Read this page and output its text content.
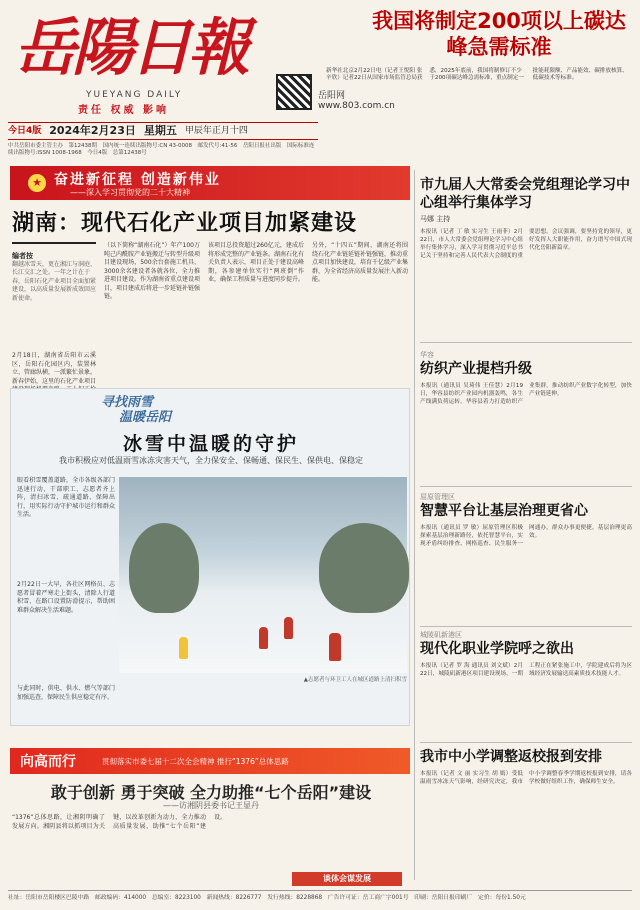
岳陽日報
YUEYANG DAILY
责任 权威 影响
岳阳网
www.803.com.cn
我国将制定200项以上碳达峰急需标准
新华社北京2月22日电（记者王悦阳 张辛欣）记者22日从国家市场监管总局获悉，2025年底前，我国将制修订不少于200项碳达峰急需标准，重点制定一批能耗限额、产品能效、碳排放核算、低碳技术等标准。
今日4版 2024年2月23日 星期五 甲辰年正月十四
中共岳阳市委主管主办　第12438期　国内统一连续出版物号:CN 43-0008　邮发代号:41-56　岳阳日报社出版　国际标准连续出版物号:ISSN 1008-1968　今日4版　总第12438号
★ 奋进新征程 创造新伟业
——深入学习贯彻党的二十大精神
湖南：现代石化产业项目加紧建设
编者按
翻越冰雪天，更在湘江与洞庭、长江交汇之处。一年之计在于春，岳阳石化产业项目全面加紧建设，以高质量发展新成效回应新使命。
2月18日，湖南省岳阳市云溪区，岳阳石化园区内，装置林立、管廊纵横，一派繁忙景象。新春伊始，这里的石化产业项目
（以下简称“湖南石化”）年产100万吨己内酰胺产业链搬迁与转型升级项目建设现场，500余台套施工机具、3000余名建设者各就各位，全力推进项目建设。作为湖南省重点建设项目，项目建成后将进一步延链补链强链。
该项目总投资超过260亿元，建成后将形成完整的产业链条。湖南石化有关负责人表示，项目正处于建设高峰期，各参建单位实行“两班倒”作业，确保工程质量与进度同步提升。
另外，“十四五”期间，湖南还将围绕石化产业链延链补链强链，推动重点项目加快建设，培育千亿级产业集群，为全省经济高质量发展注入新动能。
寻找雨雪
温暖岳阳
冰雪中温暖的守护
我市积极应对低温雨雪冰冻灾害天气，全力保安全、保畅通、保民生、保供电、保稳定
眼看积雪覆盖道路，全市各级各部门迅速行动，干部职工、志愿者齐上阵，清扫冰雪、疏通道路、保障出行，用实际行动守护城市运行和群众生活。
2月22日一大早，各社区网格员、志愿者冒着严寒走上街头，清除人行道积雪，在路口设置防滑提示，帮助困难群众解决生活难题。
与此同时，供电、供水、燃气等部门加强巡查，保障民生供应稳定有序。
▲志愿者与环卫工人在城区道路上清扫积雪
向高而行	贯彻落实市委七届十二次全会精神 推行“1376”总体思路
敢于创新 勇于突破 全力助推“七个岳阳”建设
——访湘阴县委书记王显丹
“1376”总体思路，让湘阴明确了发展方向。湘阴县将以抓项目为关键，以改革创新为动力，全力推动高质量发展，助推“七个岳阳”建设。
谈体会谋发展
市九届人大常委会党组理论学习中心组举行集体学习
马娜 主持
本报讯（记者 丁 敏 实习生 王雨菲）2月22日，市人大常委会党组理论学习中心组举行集体学习，深入学习贯彻习近平总书记关于坚持和完善人民代表大会制度的重要思想。会议强调，要坚持党的领导，更好发挥人大职能作用，奋力谱写中国式现代化岳阳新篇章。
华容
纺织产业提档升级
本报讯（通讯员 吴琦伟 王佳慧）2月19日，华容县纺织产业园内机器轰鸣，各生产线满负荷运转。华容县着力打造纺织产业集群，推动纺织产业数字化转型，加快产业链延伸。
屈原管理区
智慧平台让基层治理更省心
本报讯（通讯员 罗 敏）屈原管理区积极探索基层治理新路径，依托智慧平台，实现矛盾纠纷排查、网格巡查、民生服务一网通办，群众办事更便捷，基层治理更高效。
城陵矶新港区
现代化职业学院呼之欲出
本报讯（记者 罗 海 通讯员 刘文斌）2月22日，城陵矶新港区项目建设现场，一期工程正在紧张施工中，学院建成后将为区域经济发展输送高素质技术技能人才。
我市中小学调整返校报到安排
本报讯（记者 文 丽 实习生 胡 嫣）受低温雨雪冰冻天气影响，经研究决定，我市中小学调整春季学期返校报到安排，请各学校做好组织工作，确保师生安全。
社址：岳阳市岳阳楼区巴陵中路　邮政编码：414000　总编室：8223100　新闻热线：8226777　发行热线：8228868　广告许可证：岳工商广字001号　印刷：岳阳日报印刷厂　定价：每份1.50元
